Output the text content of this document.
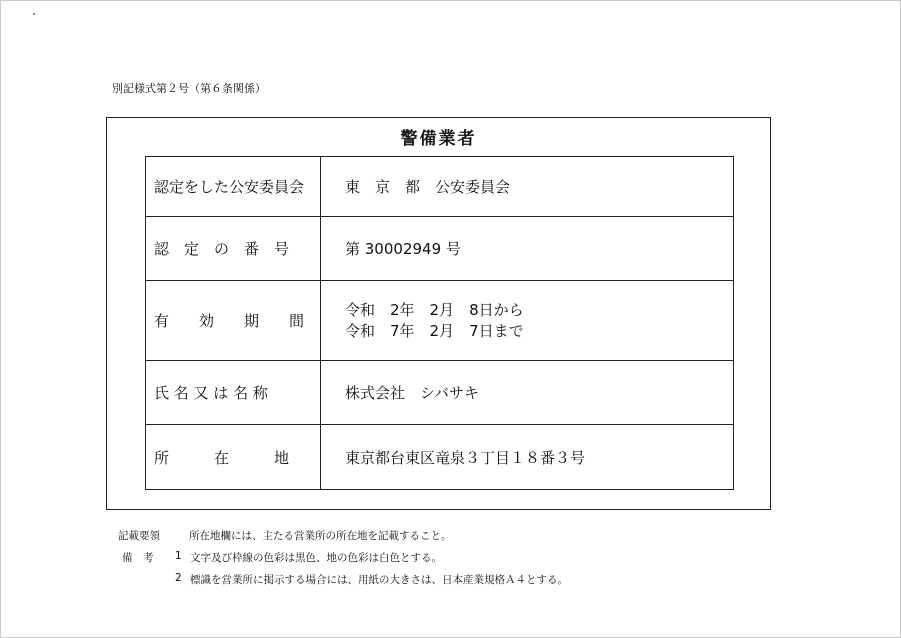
別記様式第２号（第６条関係）
警備業者
認定をした公安委員会	東　京　都　公安委員会
認　定　の　番　号	第 30002949 号
有　　効　　期　　間	令和　2年　2月　8日から
令和　7年　2月　7日まで

氏 名 又 は 名 称	株式会社　シバサキ
所　　　在　　　地	東京都台東区竜泉３丁目１８番３号
記載要領	所在地欄には、主たる営業所の所在地を記載すること。
備　考 1 文字及び枠線の色彩は黒色、地の色彩は白色とする。
2 標識を営業所に掲示する場合には、用紙の大きさは、日本産業規格Ａ４とする。
